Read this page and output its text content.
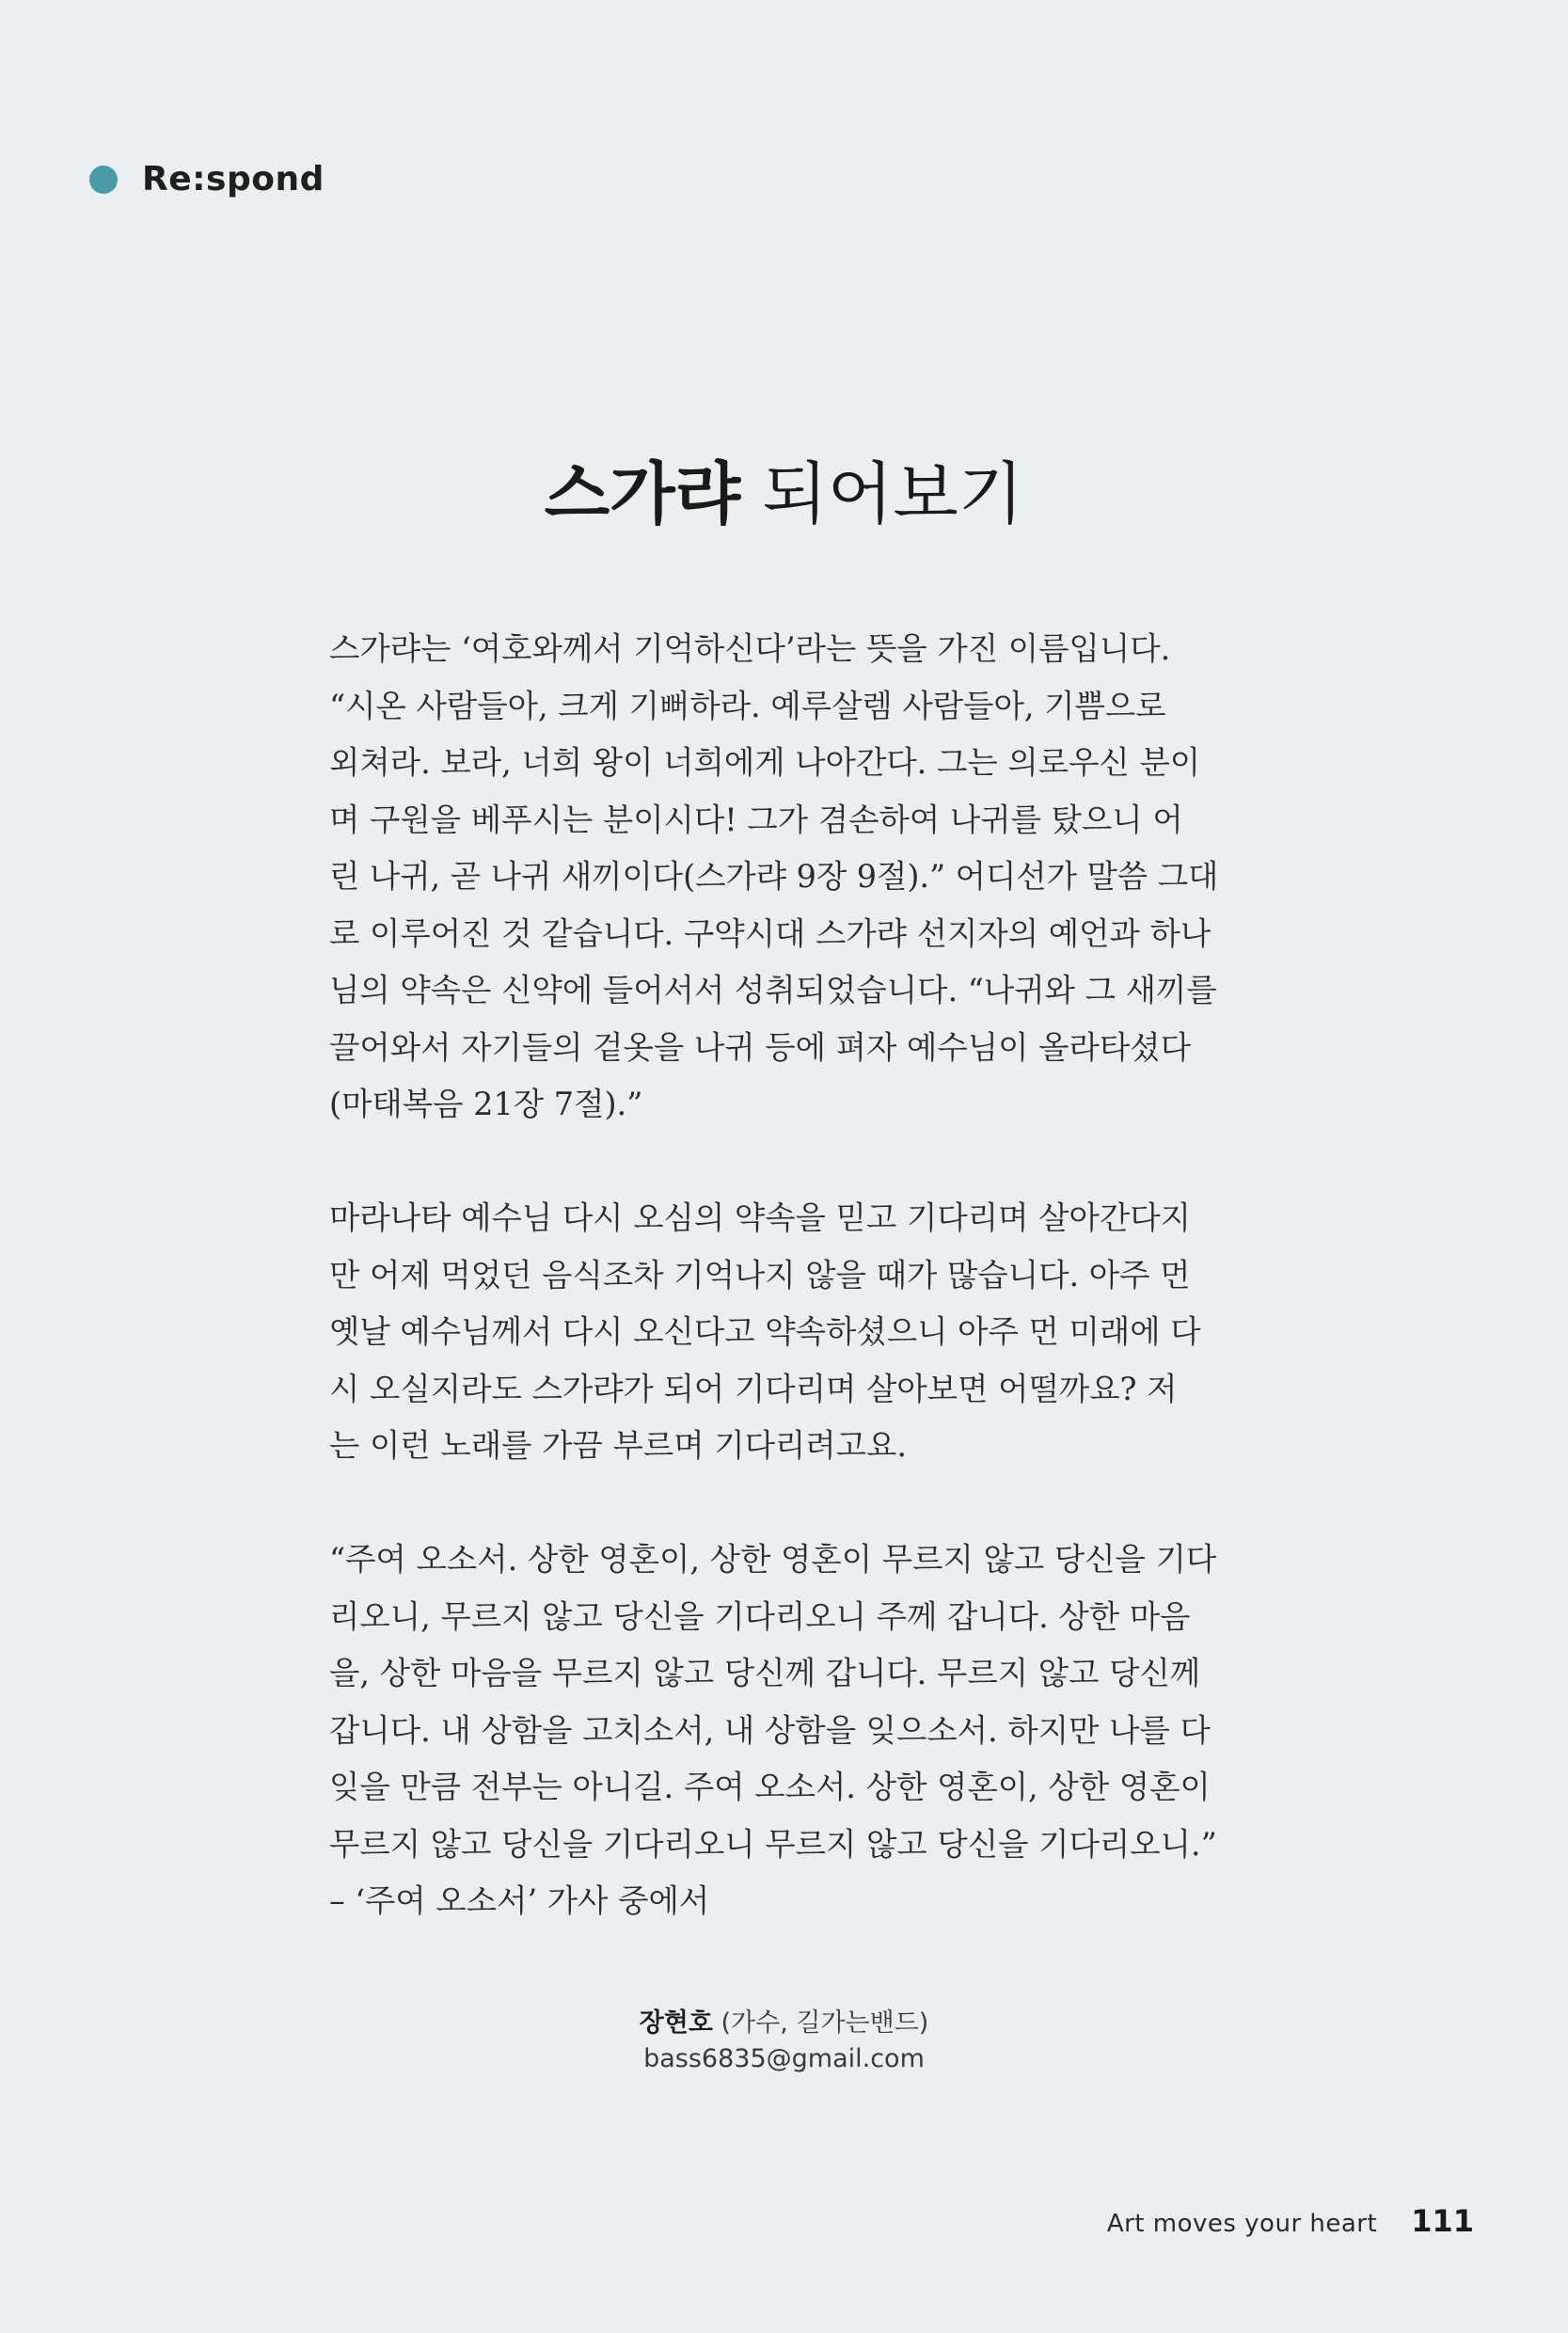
Re:spond
스가랴 되어보기

스가랴는 ‘여호와께서 기억하신다’라는 뜻을 가진 이름입니다.
“시온 사람들아, 크게 기뻐하라. 예루살렘 사람들아, 기쁨으로
외쳐라. 보라, 너희 왕이 너희에게 나아간다. 그는 의로우신 분이
며 구원을 베푸시는 분이시다! 그가 겸손하여 나귀를 탔으니 어
린 나귀, 곧 나귀 새끼이다(스가랴 9장 9절).” 어디선가 말씀 그대
로 이루어진 것 같습니다. 구약시대 스가랴 선지자의 예언과 하나
님의 약속은 신약에 들어서서 성취되었습니다. “나귀와 그 새끼를
끌어와서 자기들의 겉옷을 나귀 등에 펴자 예수님이 올라타셨다
(마태복음 21장 7절).”

마라나타 예수님 다시 오심의 약속을 믿고 기다리며 살아간다지
만 어제 먹었던 음식조차 기억나지 않을 때가 많습니다. 아주 먼
옛날 예수님께서 다시 오신다고 약속하셨으니 아주 먼 미래에 다
시 오실지라도 스가랴가 되어 기다리며 살아보면 어떨까요? 저
는 이런 노래를 가끔 부르며 기다리려고요.

“주여 오소서. 상한 영혼이, 상한 영혼이 무르지 않고 당신을 기다
리오니, 무르지 않고 당신을 기다리오니 주께 갑니다. 상한 마음
을, 상한 마음을 무르지 않고 당신께 갑니다. 무르지 않고 당신께
갑니다. 내 상함을 고치소서, 내 상함을 잊으소서. 하지만 나를 다
잊을 만큼 전부는 아니길. 주여 오소서. 상한 영혼이, 상한 영혼이
무르지 않고 당신을 기다리오니 무르지 않고 당신을 기다리오니.”
– ‘주여 오소서’ 가사 중에서

장현호 (가수, 길가는밴드)
bass6835@gmail.com
Art moves your heart 111
